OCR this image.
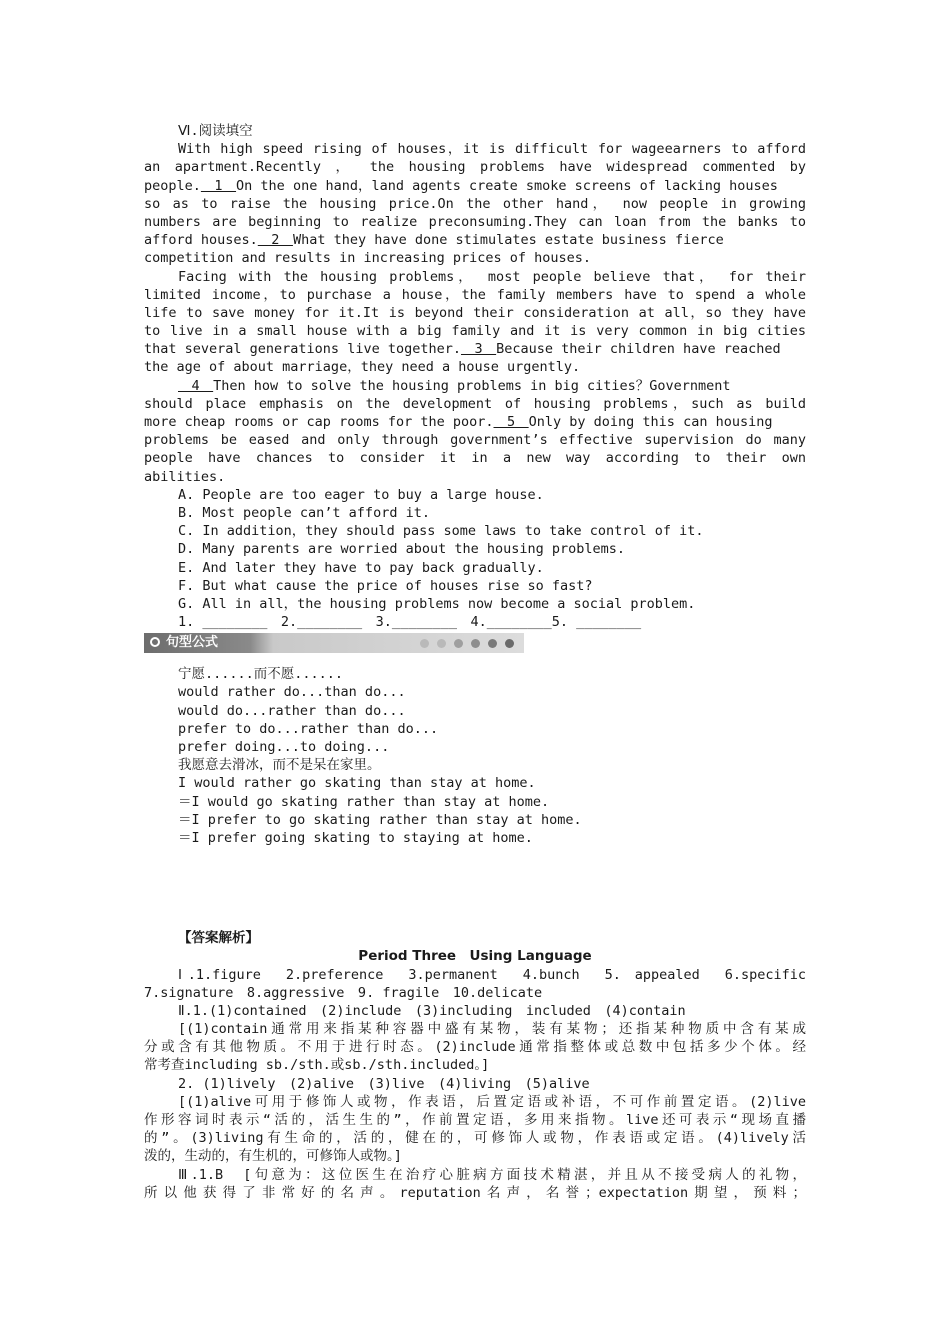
Ⅵ.阅读填空
With high speed rising of houses，it is difficult for wageearners to afford
an apartment.Recently ， the housing problems have widespread commented by
people.　1　On the one hand，land agents create smoke screens of lacking houses
so as to raise the housing price.On the other hand， now people in growing
numbers are beginning to realize preconsuming.They can loan from the banks to
afford houses.　2　What they have done stimulates estate business fierce
competition and results in increasing prices of houses.
Facing with the housing problems， most people believe that， for their
limited income，to purchase a house，the family members have to spend a whole
life to save money for it.It is beyond their consideration at all，so they have
to live in a small house with a big family and it is very common in big cities
that several generations live together.　3　Because their children have reached
the age of about marriage，they need a house urgently.
　4　Then how to solve the housing problems in big cities？Government
should place emphasis on the development of housing problems，such as build
more cheap rooms or cap rooms for the poor.　5　Only by doing this can housing
problems be eased and only through government’s effective supervision do many
people have chances to consider it in a new way according to their own
abilities.
A. People are too eager to buy a large house.
B. Most people can’t afford it.
C. In addition，they should pass some laws to take control of it.
D. Many parents are worried about the housing problems.
E. And later they have to pay back gradually.
F. But what cause the price of houses rise so fast?
G. All in all，the housing problems now become a social problem.
1. ________　2.________　3.________　4.________5. ________
句型公式
宁愿......而不愿......
would rather do...than do...
would do...rather than do...
prefer to do...rather than do...
prefer doing...to doing...
我愿意去滑冰，而不是呆在家里。
I would rather go skating than stay at home.
＝I would go skating rather than stay at home.
＝I prefer to go skating rather than stay at home.
＝I prefer going skating to staying at home.
【答案解析】
Period Three　Using Language
Ⅰ.1.figure　2.preference　3.permanent　4.bunch　5. appealed　6.specific
7.signature　8.aggressive　9. fragile　10.delicate
Ⅱ.1.(1)contained　(2)include　(3)including　included　(4)contain
[(1)contain通常用来指某种容器中盛有某物，装有某物；还指某种物质中含有某成
分或含有其他物质。不用于进行时态。(2)include通常指整体或总数中包括多少个体。经
常考查including sb./sth.或sb./sth.included。]
2. (1)lively　(2)alive　(3)live　(4)living　(5)alive
[(1)alive可用于修饰人或物，作表语，后置定语或补语，不可作前置定语。(2)live
作形容词时表示“活的，活生生的”，作前置定语，多用来指物。live还可表示“现场直播
的”。(3)living有生命的，活的，健在的，可修饰人或物，作表语或定语。(4)lively活
泼的，生动的，有生机的，可修饰人或物。]
Ⅲ.1.B　[句意为：这位医生在治疗心脏病方面技术精湛，并且从不接受病人的礼物，
所以他获得了非常好的名声。reputation名声，名誉；expectation期望，预料；
